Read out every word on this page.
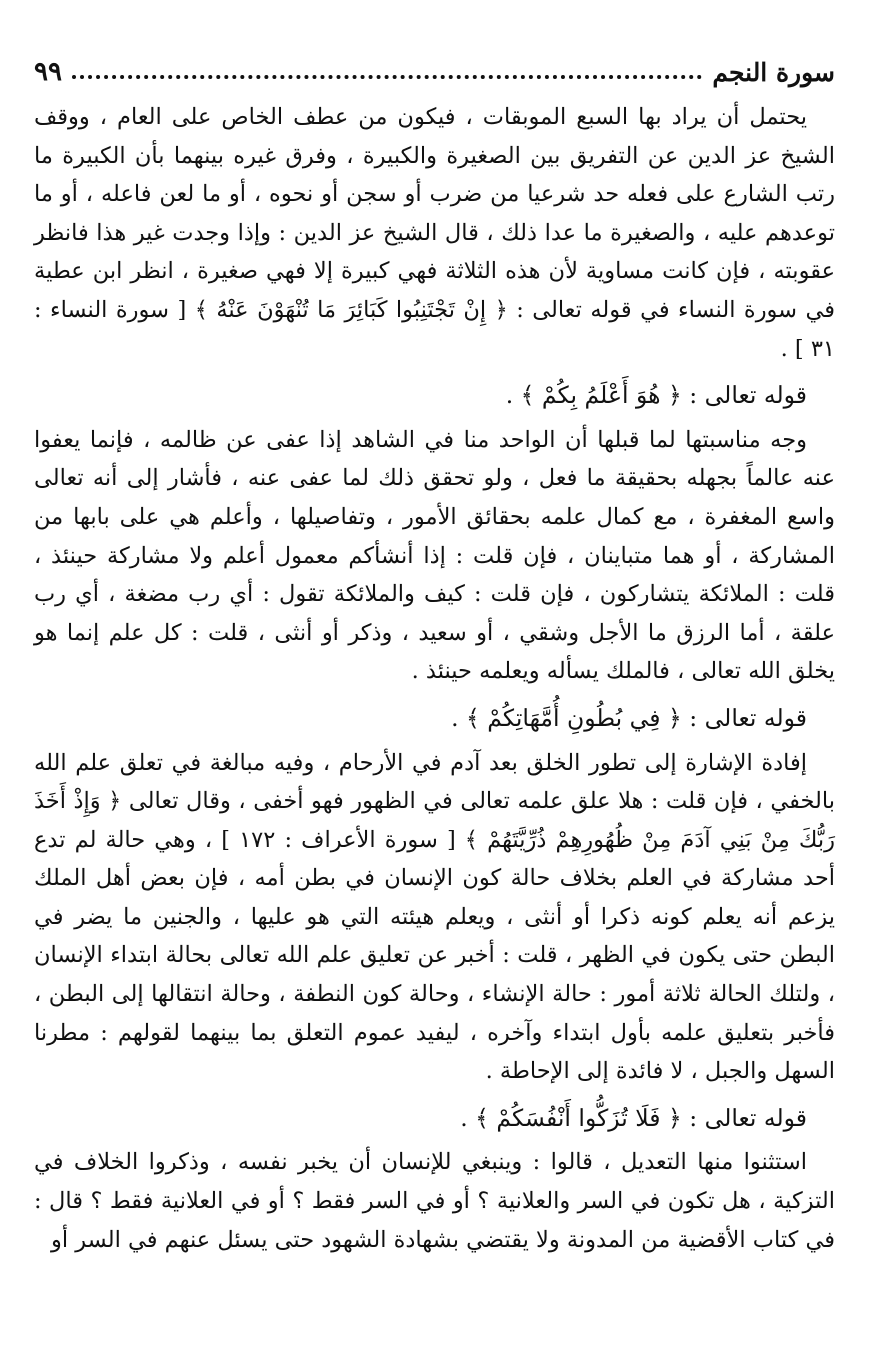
سورة النجم
٩٩

يحتمل أن يراد بها السبع الموبقات ، فيكون من عطف الخاص على العام ، ووقف الشيخ عز الدين عن التفريق بين الصغيرة والكبيرة ، وفرق غيره بينهما بأن الكبيرة ما رتب الشارع على فعله حد شرعيا من ضرب أو سجن أو نحوه ، أو ما لعن فاعله ، أو ما توعدهم عليه ، والصغيرة ما عدا ذلك ، قال الشيخ عز الدين : وإذا وجدت غير هذا فانظر عقوبته ، فإن كانت مساوية لأن هذه الثلاثة فهي كبيرة إلا فهي صغيرة ، انظر ابن عطية في سورة النساء في قوله تعالى : ﴿ إِنْ تَجْتَنِبُوا كَبَائِرَ مَا تُنْهَوْنَ عَنْهُ ﴾ [ سورة النساء : ٣١ ] .

قوله تعالى : ﴿ هُوَ أَعْلَمُ بِكُمْ ﴾ .

وجه مناسبتها لما قبلها أن الواحد منا في الشاهد إذا عفى عن ظالمه ، فإنما يعفوا عنه عالماً بجهله بحقيقة ما فعل ، ولو تحقق ذلك لما عفى عنه ، فأشار إلى أنه تعالى واسع المغفرة ، مع كمال علمه بحقائق الأمور ، وتفاصيلها ، وأعلم هي على بابها من المشاركة ، أو هما متباينان ، فإن قلت : إذا أنشأكم معمول أعلم ولا مشاركة حينئذ ، قلت : الملائكة يتشاركون ، فإن قلت : كيف والملائكة تقول : أي رب مضغة ، أي رب علقة ، أما الرزق ما الأجل وشقي ، أو سعيد ، وذكر أو أنثى ، قلت : كل علم إنما هو يخلق الله تعالى ، فالملك يسأله ويعلمه حينئذ .

قوله تعالى : ﴿ فِي بُطُونِ أُمَّهَاتِكُمْ ﴾ .

إفادة الإشارة إلى تطور الخلق بعد آدم في الأرحام ، وفيه مبالغة في تعلق علم الله بالخفي ، فإن قلت : هلا علق علمه تعالى في الظهور فهو أخفى ، وقال تعالى ﴿ وَإِذْ أَخَذَ رَبُّكَ مِنْ بَنِي آدَمَ مِنْ ظُهُورِهِمْ ذُرِّيَّتَهُمْ ﴾ [ سورة الأعراف : ١٧٢ ] ، وهي حالة لم تدع أحد مشاركة في العلم بخلاف حالة كون الإنسان في بطن أمه ، فإن بعض أهل الملك يزعم أنه يعلم كونه ذكرا أو أنثى ، ويعلم هيئته التي هو عليها ، والجنين ما يضر في البطن حتى يكون في الظهر ، قلت : أخبر عن تعليق علم الله تعالى بحالة ابتداء الإنسان ، ولتلك الحالة ثلاثة أمور : حالة الإنشاء ، وحالة كون النطفة ، وحالة انتقالها إلى البطن ، فأخبر بتعليق علمه بأول ابتداء وآخره ، ليفيد عموم التعلق بما بينهما لقولهم : مطرنا السهل والجبل ، لا فائدة إلى الإحاطة .

قوله تعالى : ﴿ فَلَا تُزَكُّوا أَنْفُسَكُمْ ﴾ .

استثنوا منها التعديل ، قالوا : وينبغي للإنسان أن يخبر نفسه ، وذكروا الخلاف في التزكية ، هل تكون في السر والعلانية ؟ أو في السر فقط ؟ أو في العلانية فقط ؟ قال : في كتاب الأقضية من المدونة ولا يقتضي بشهادة الشهود حتى يسئل عنهم في السر أو
